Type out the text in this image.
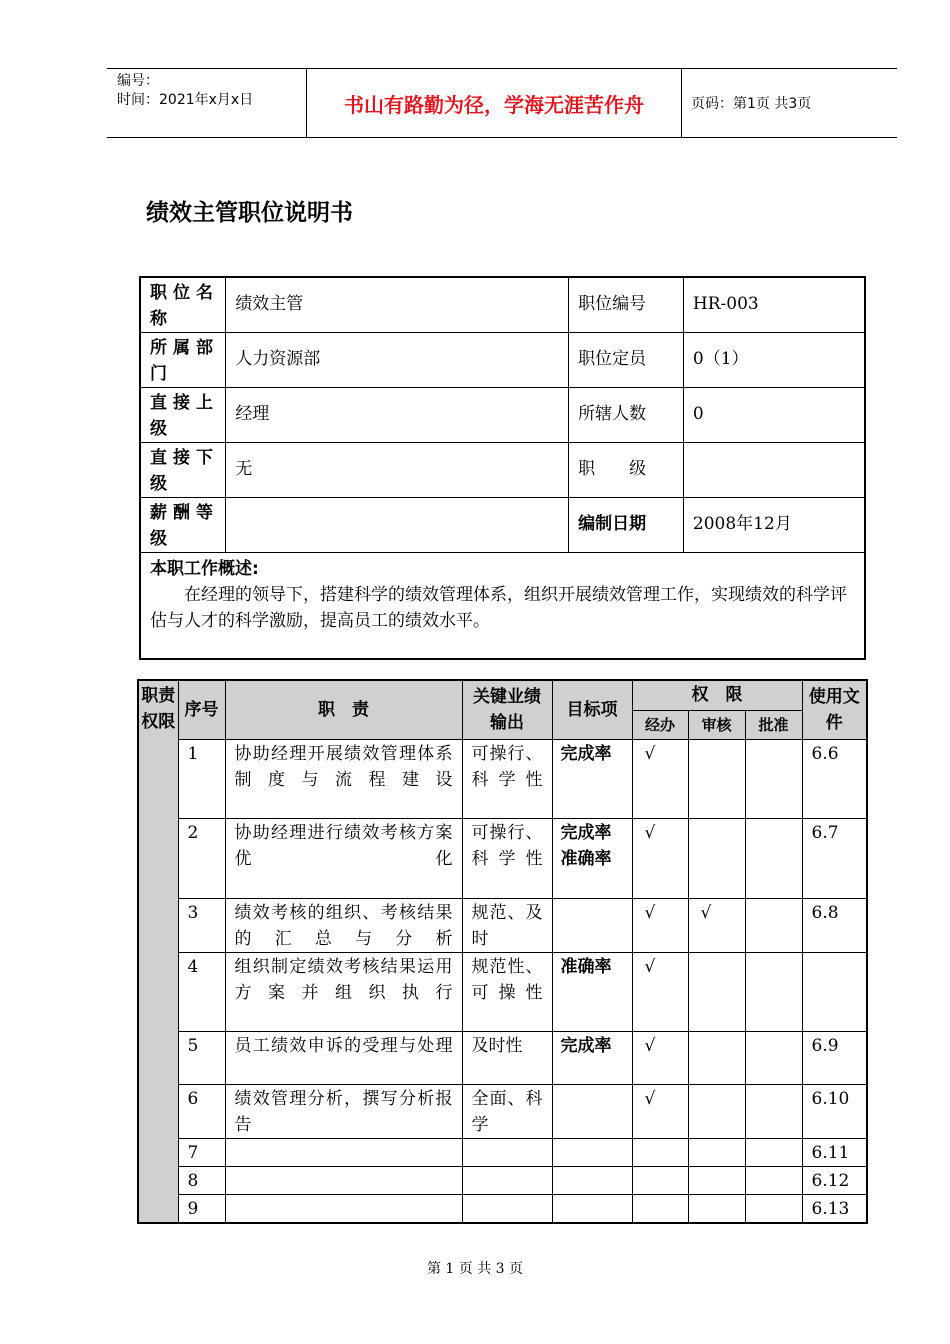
编号：
时间：2021年x月x日	书山有路勤为径，学海无涯苦作舟	页码：第1页 共3页
绩效主管职位说明书
职位名称	绩效主管	职位编号	HR-003
所属部门	人力资源部	职位定员	0（1）
直接上级	经理	所辖人数	0
直接下级	无	职　　级	
薪酬等级		编制日期	2008年12月

本职工作概述:
在经理的领导下，搭建科学的绩效管理体系，组织开展绩效管理工作，实现绩效的科学评估与人才的科学激励，提高员工的绩效水平。			
职责权限	序号	职　责	关键业绩输出	目标项	权　限			使用文件
					经办	审核	批准	
	1	协助经理开展绩效管理体系制度与流程建设	可操行、科学性	完成率	√			6.6
	2	协助经理进行绩效考核方案优化	可操行、科学性	完成率准确率	√			6.7
	3	绩效考核的组织、考核结果的汇总与分析	规范、及时		√	√		6.8
	4	组织制定绩效考核结果运用方案并组织执行	规范性、可操性	准确率	√			
	5	员工绩效申诉的受理与处理	及时性	完成率	√			6.9
	6	绩效管理分析，撰写分析报告	全面、科学		√			6.10
	7							6.11
	8							6.12
	9							6.13
第 1 页 共 3 页
